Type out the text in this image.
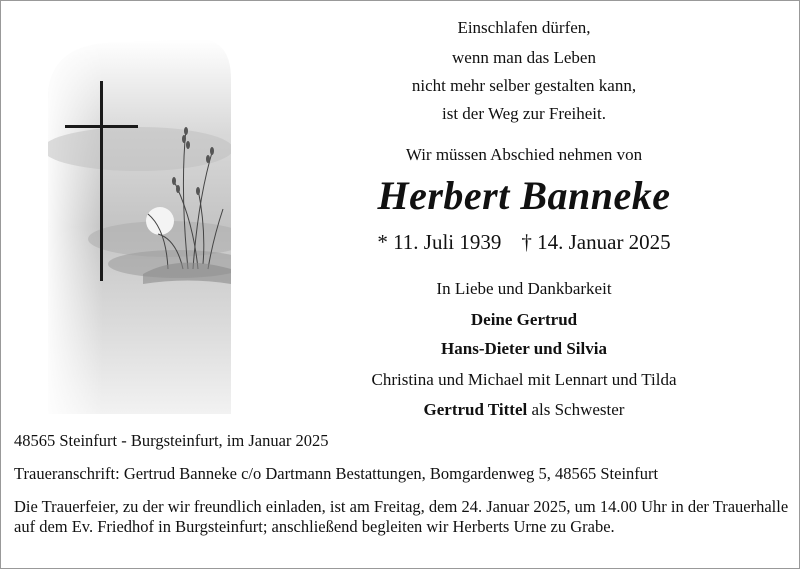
Einschlafen dürfen,
wenn man das Leben
nicht mehr selber gestalten kann,
ist der Weg zur Freiheit.
Wir müssen Abschied nehmen von
Herbert Banneke
* 11. Juli 1939 † 14. Januar 2025
In Liebe und Dankbarkeit
Deine Gertrud
Hans-Dieter und Silvia
Christina und Michael mit Lennart und Tilda
Gertrud Tittel als Schwester
48565 Steinfurt - Burgsteinfurt, im Januar 2025
Traueranschrift: Gertrud Banneke c/o Dartmann Bestattungen, Bomgardenweg 5, 48565 Steinfurt
Die Trauerfeier, zu der wir freundlich einladen, ist am Freitag, dem 24. Januar 2025, um 14.00 Uhr in der Trauerhalle auf dem Ev. Friedhof in Burgsteinfurt; anschließend begleiten wir Herberts Urne zu Grabe.
